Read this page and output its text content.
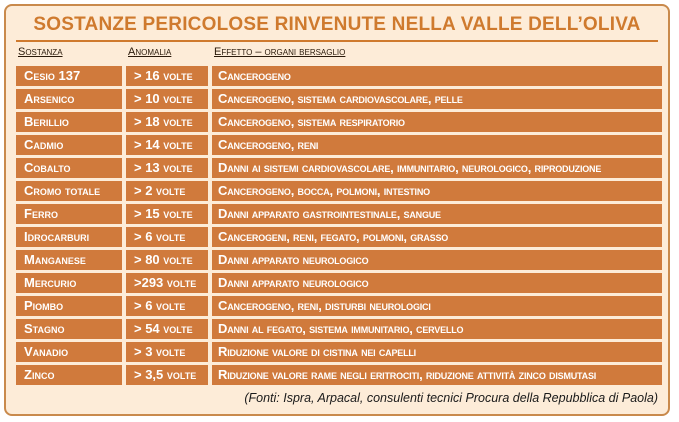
SOSTANZE PERICOLOSE RINVENUTE NELLA VALLE DELL’OLIVA
Sostanza	Anomalia	Effetto – organi bersaglio
Cesio 137	> 16 volte	Cancerogeno
Arsenico	> 10 volte	Cancerogeno, sistema cardiovascolare, pelle
Berillio	> 18 volte	Cancerogeno, sistema respiratorio
Cadmio	> 14 volte	Cancerogeno, reni
Cobalto	> 13 volte	Danni ai sistemi cardiovascolare, immunitario, neurologico, riproduzione
Cromo totale	> 2 volte	Cancerogeno, bocca, polmoni, intestino
Ferro	> 15 volte	Danni apparato gastrointestinale, sangue
Idrocarburi	> 6 volte	Cancerogeni, reni, fegato, polmoni, grasso
Manganese	> 80 volte	Danni apparato neurologico
Mercurio	>293 volte	Danni apparato neurologico
Piombo	> 6 volte	Cancerogeno, reni, disturbi neurologici
Stagno	> 54 volte	Danni al fegato, sistema immunitario, cervello
Vanadio	> 3 volte	Riduzione valore di cistina nei capelli
Zinco	> 3,5 volte	Riduzione valore rame negli eritrociti, riduzione attività zinco dismutasi
(Fonti: Ispra, Arpacal, consulenti tecnici Procura della Repubblica di Paola)
